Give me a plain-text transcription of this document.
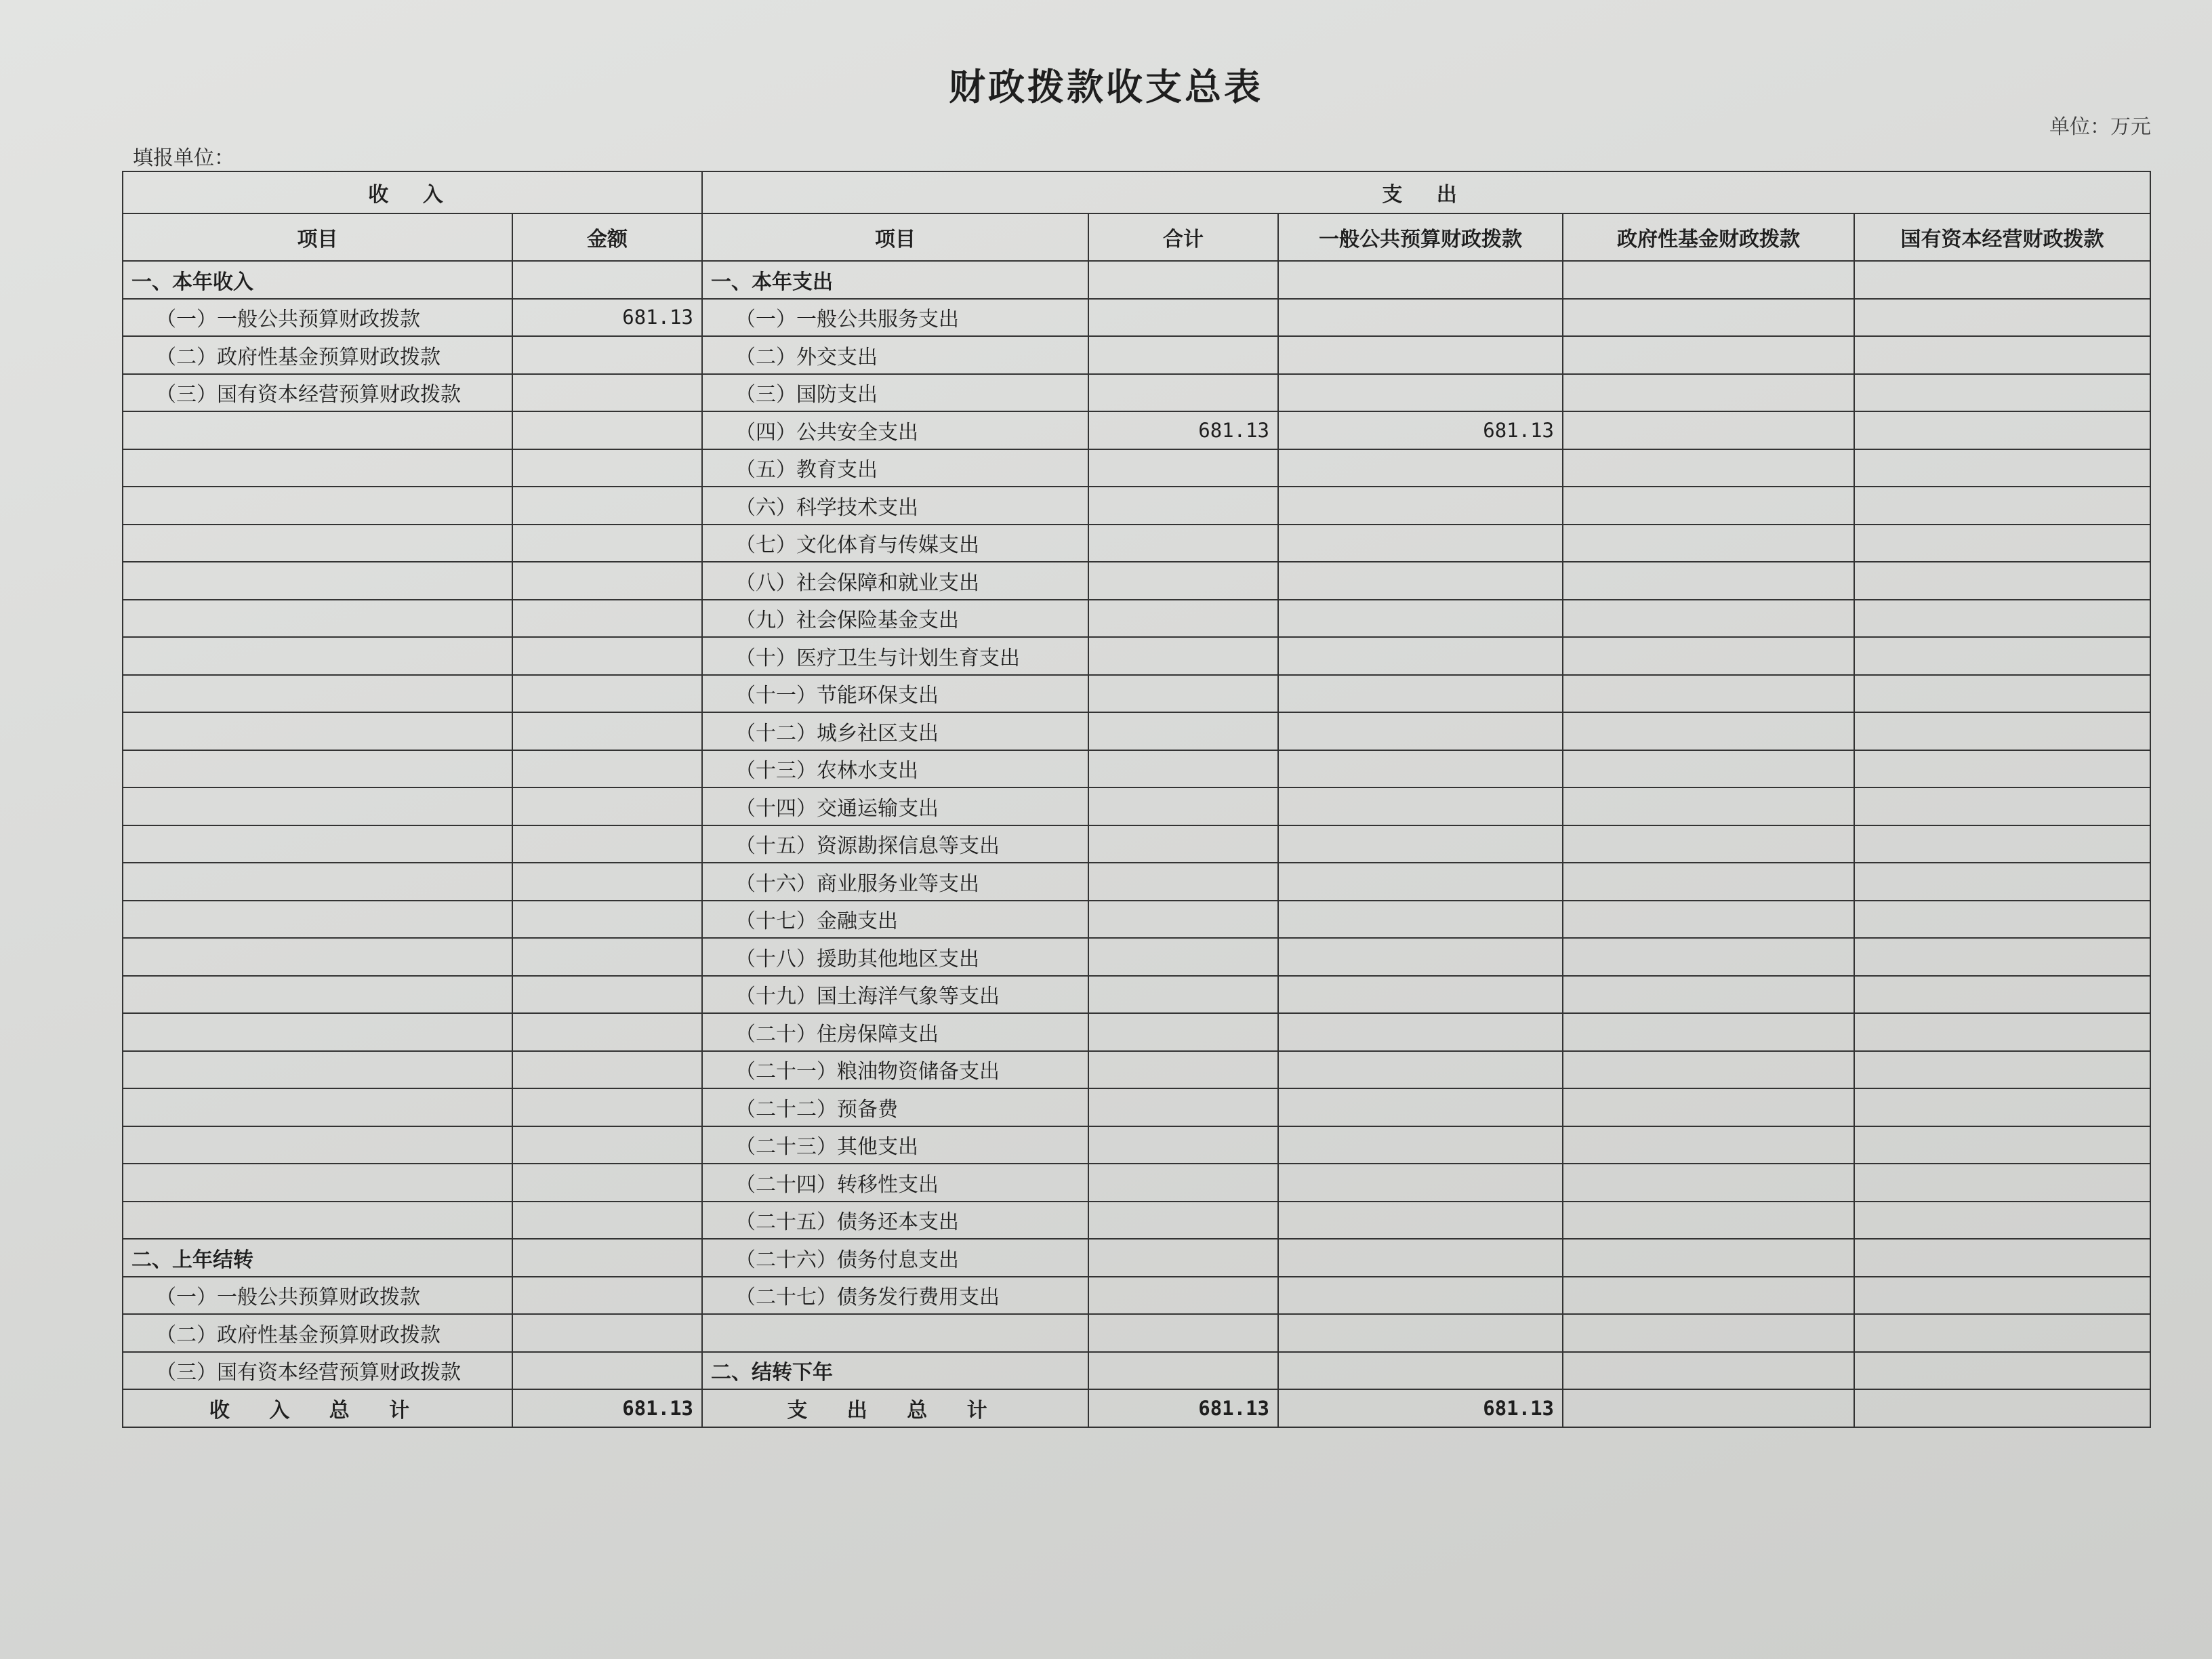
财政拨款收支总表
单位：万元
填报单位：
收 入		支 出				
项目	金额	项目	合计	一般公共预算财政拨款	政府性基金财政拨款	国有资本经营财政拨款
一、本年收入		一、本年支出				
（一）一般公共预算财政拨款	681.13	（一）一般公共服务支出				
（二）政府性基金预算财政拨款		（二）外交支出				
（三）国有资本经营预算财政拨款		（三）国防支出				
		（四）公共安全支出	681.13	681.13		
		（五）教育支出				
		（六）科学技术支出				
		（七）文化体育与传媒支出				
		（八）社会保障和就业支出				
		（九）社会保险基金支出				
		（十）医疗卫生与计划生育支出				
		（十一）节能环保支出				
		（十二）城乡社区支出				
		（十三）农林水支出				
		（十四）交通运输支出				
		（十五）资源勘探信息等支出				
		（十六）商业服务业等支出				
		（十七）金融支出				
		（十八）援助其他地区支出				
		（十九）国土海洋气象等支出				
		（二十）住房保障支出				
		（二十一）粮油物资储备支出				
		（二十二）预备费				
		（二十三）其他支出				
		（二十四）转移性支出				
		（二十五）债务还本支出				
二、上年结转		（二十六）债务付息支出				
（一）一般公共预算财政拨款		（二十七）债务发行费用支出				
（二）政府性基金预算财政拨款						
（三）国有资本经营预算财政拨款		二、结转下年				
收 入 总 计	681.13	支 出 总 计	681.13	681.13		
